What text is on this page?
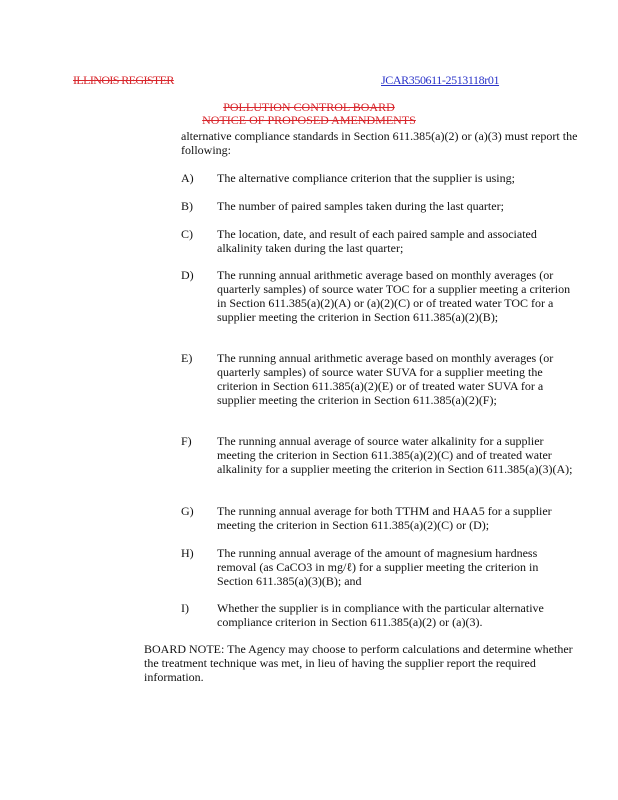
ILLINOIS REGISTER	JCAR350611-2513118r01
POLLUTION CONTROL BOARD
NOTICE OF PROPOSED AMENDMENTS
alternative compliance standards in Section 611.385(a)(2) or (a)(3) must report the following:
A)	The alternative compliance criterion that the supplier is using;
B)	The number of paired samples taken during the last quarter;
C)	The location, date, and result of each paired sample and associated alkalinity taken during the last quarter;
D)	The running annual arithmetic average based on monthly averages (or quarterly samples) of source water TOC for a supplier meeting a criterion in Section 611.385(a)(2)(A) or (a)(2)(C) or of treated water TOC for a supplier meeting the criterion in Section 611.385(a)(2)(B);
E)	The running annual arithmetic average based on monthly averages (or quarterly samples) of source water SUVA for a supplier meeting the criterion in Section 611.385(a)(2)(E) or of treated water SUVA for a supplier meeting the criterion in Section 611.385(a)(2)(F);
F)	The running annual average of source water alkalinity for a supplier meeting the criterion in Section 611.385(a)(2)(C) and of treated water alkalinity for a supplier meeting the criterion in Section 611.385(a)(3)(A);
G)	The running annual average for both TTHM and HAA5 for a supplier meeting the criterion in Section 611.385(a)(2)(C) or (D);
H)	The running annual average of the amount of magnesium hardness removal (as CaCO3 in mg/ℓ) for a supplier meeting the criterion in Section 611.385(a)(3)(B); and
I)	Whether the supplier is in compliance with the particular alternative compliance criterion in Section 611.385(a)(2) or (a)(3).
BOARD NOTE: The Agency may choose to perform calculations and determine whether the treatment technique was met, in lieu of having the supplier report the required information.
